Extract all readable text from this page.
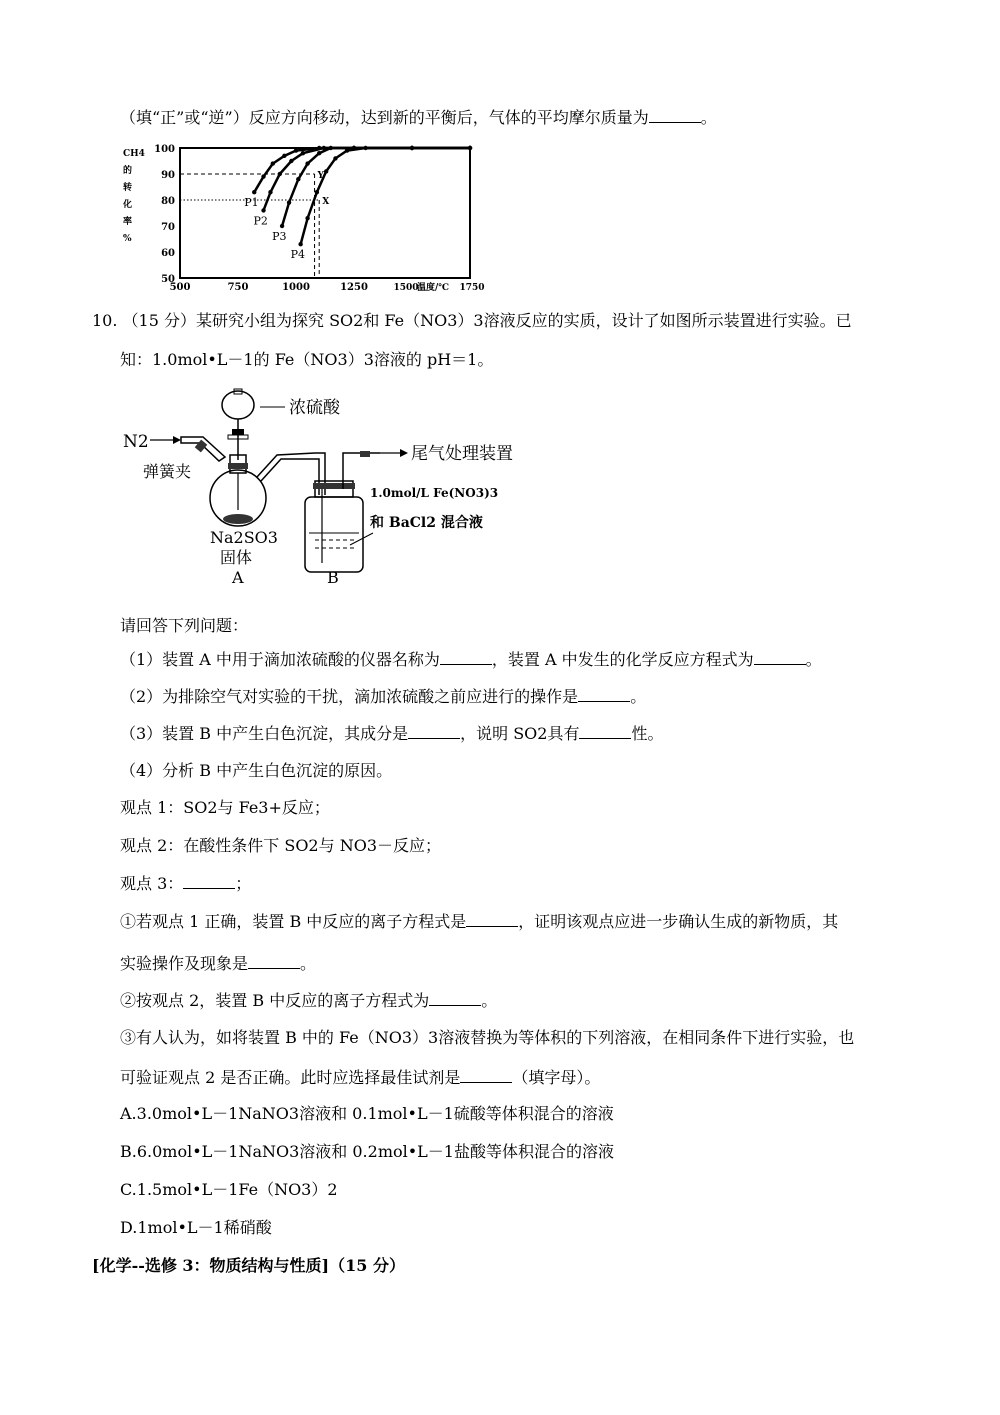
（填“正”或“逆”）反应方向移动，达到新的平衡后，气体的平均摩尔质量为	。
CH4
的
转
化
率
%
100
90
80
70
60
50
500	750	1000	1250	1500	1750
P1
P2
P3
P4
Y
X
温度/℃
10. （15 分）某研究小组为探究 SO2和 Fe（NO3）3溶液反应的实质，设计了如图所示装置进行实验。已
知：1.0mol•L－1的 Fe（NO3）3溶液的 pH＝1。
N2
弹簧夹
浓硫酸
Na2SO3
固体
A
尾气处理装置
B
1.0mol/L Fe(NO3)3
和 BaCl2 混合液
请回答下列问题：
（1）装置 A 中用于滴加浓硫酸的仪器名称为	，装置 A 中发生的化学反应方程式为	。
（2）为排除空气对实验的干扰，滴加浓硫酸之前应进行的操作是	。
（3）装置 B 中产生白色沉淀，其成分是	，说明 SO2具有	性。
（4）分析 B 中产生白色沉淀的原因。
观点 1：SO2与 Fe3+反应；
观点 2：在酸性条件下 SO2与 NO3－反应；
观点 3：	；
①若观点 1 正确，装置 B 中反应的离子方程式是	，证明该观点应进一步确认生成的新物质，其
实验操作及现象是	。
②按观点 2，装置 B 中反应的离子方程式为	。
③有人认为，如将装置 B 中的 Fe（NO3）3溶液替换为等体积的下列溶液，在相同条件下进行实验，也
可验证观点 2 是否正确。此时应选择最佳试剂是	（填字母）。
A.3.0mol•L－1NaNO3溶液和 0.1mol•L－1硫酸等体积混合的溶液
B.6.0mol•L－1NaNO3溶液和 0.2mol•L－1盐酸等体积混合的溶液
C.1.5mol•L－1Fe（NO3）2
D.1mol•L－1稀硝酸
[化学--选修 3：物质结构与性质]（15 分）
